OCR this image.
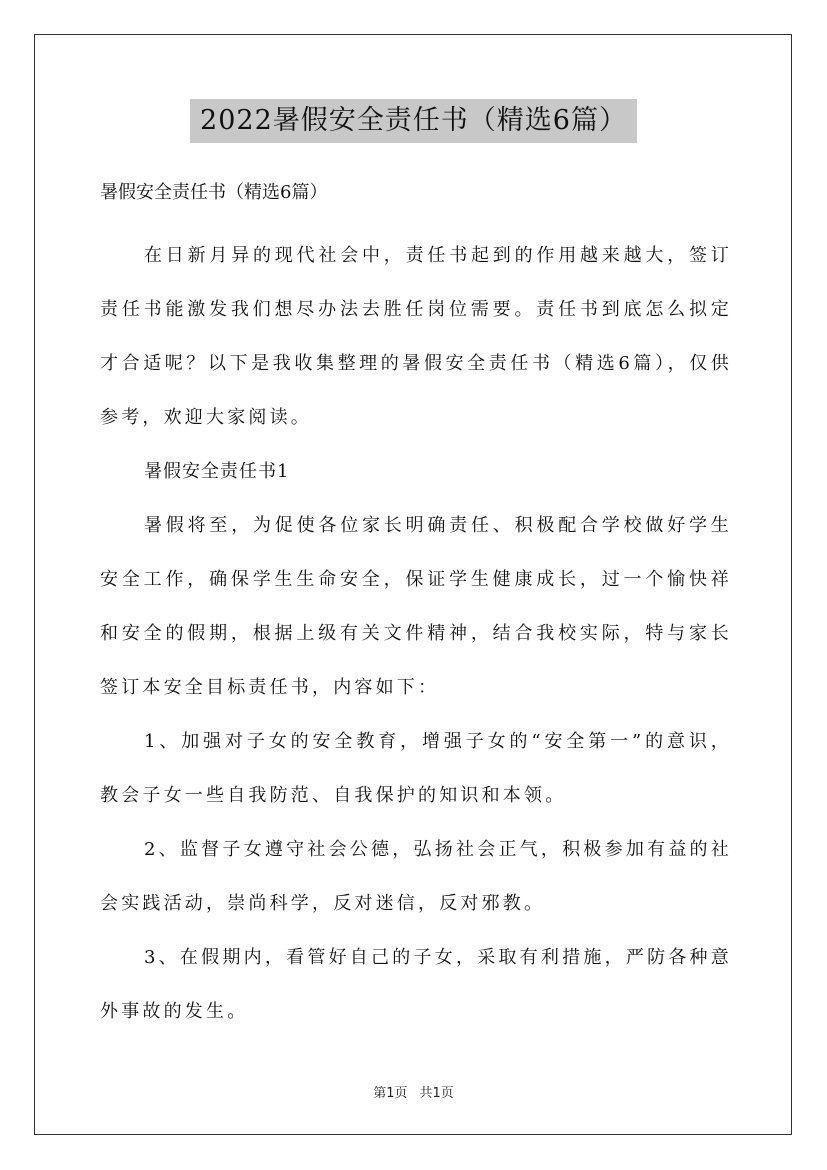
2022暑假安全责任书（精选6篇）
暑假安全责任书（精选6篇）

在日新月异的现代社会中，责任书起到的作用越来越大，签订责任书能激发我们想尽办法去胜任岗位需要。责任书到底怎么拟定才合适呢？以下是我收集整理的暑假安全责任书（精选6篇），仅供参考，欢迎大家阅读。

暑假安全责任书1

暑假将至，为促使各位家长明确责任、积极配合学校做好学生安全工作，确保学生生命安全，保证学生健康成长，过一个愉快祥和安全的假期，根据上级有关文件精神，结合我校实际，特与家长签订本安全目标责任书，内容如下：

1、加强对子女的安全教育，增强子女的“安全第一”的意识，教会子女一些自我防范、自我保护的知识和本领。

2、监督子女遵守社会公德，弘扬社会正气，积极参加有益的社会实践活动，崇尚科学，反对迷信，反对邪教。

3、在假期内，看管好自己的子女，采取有利措施，严防各种意外事故的发生。

第1页 共1页
